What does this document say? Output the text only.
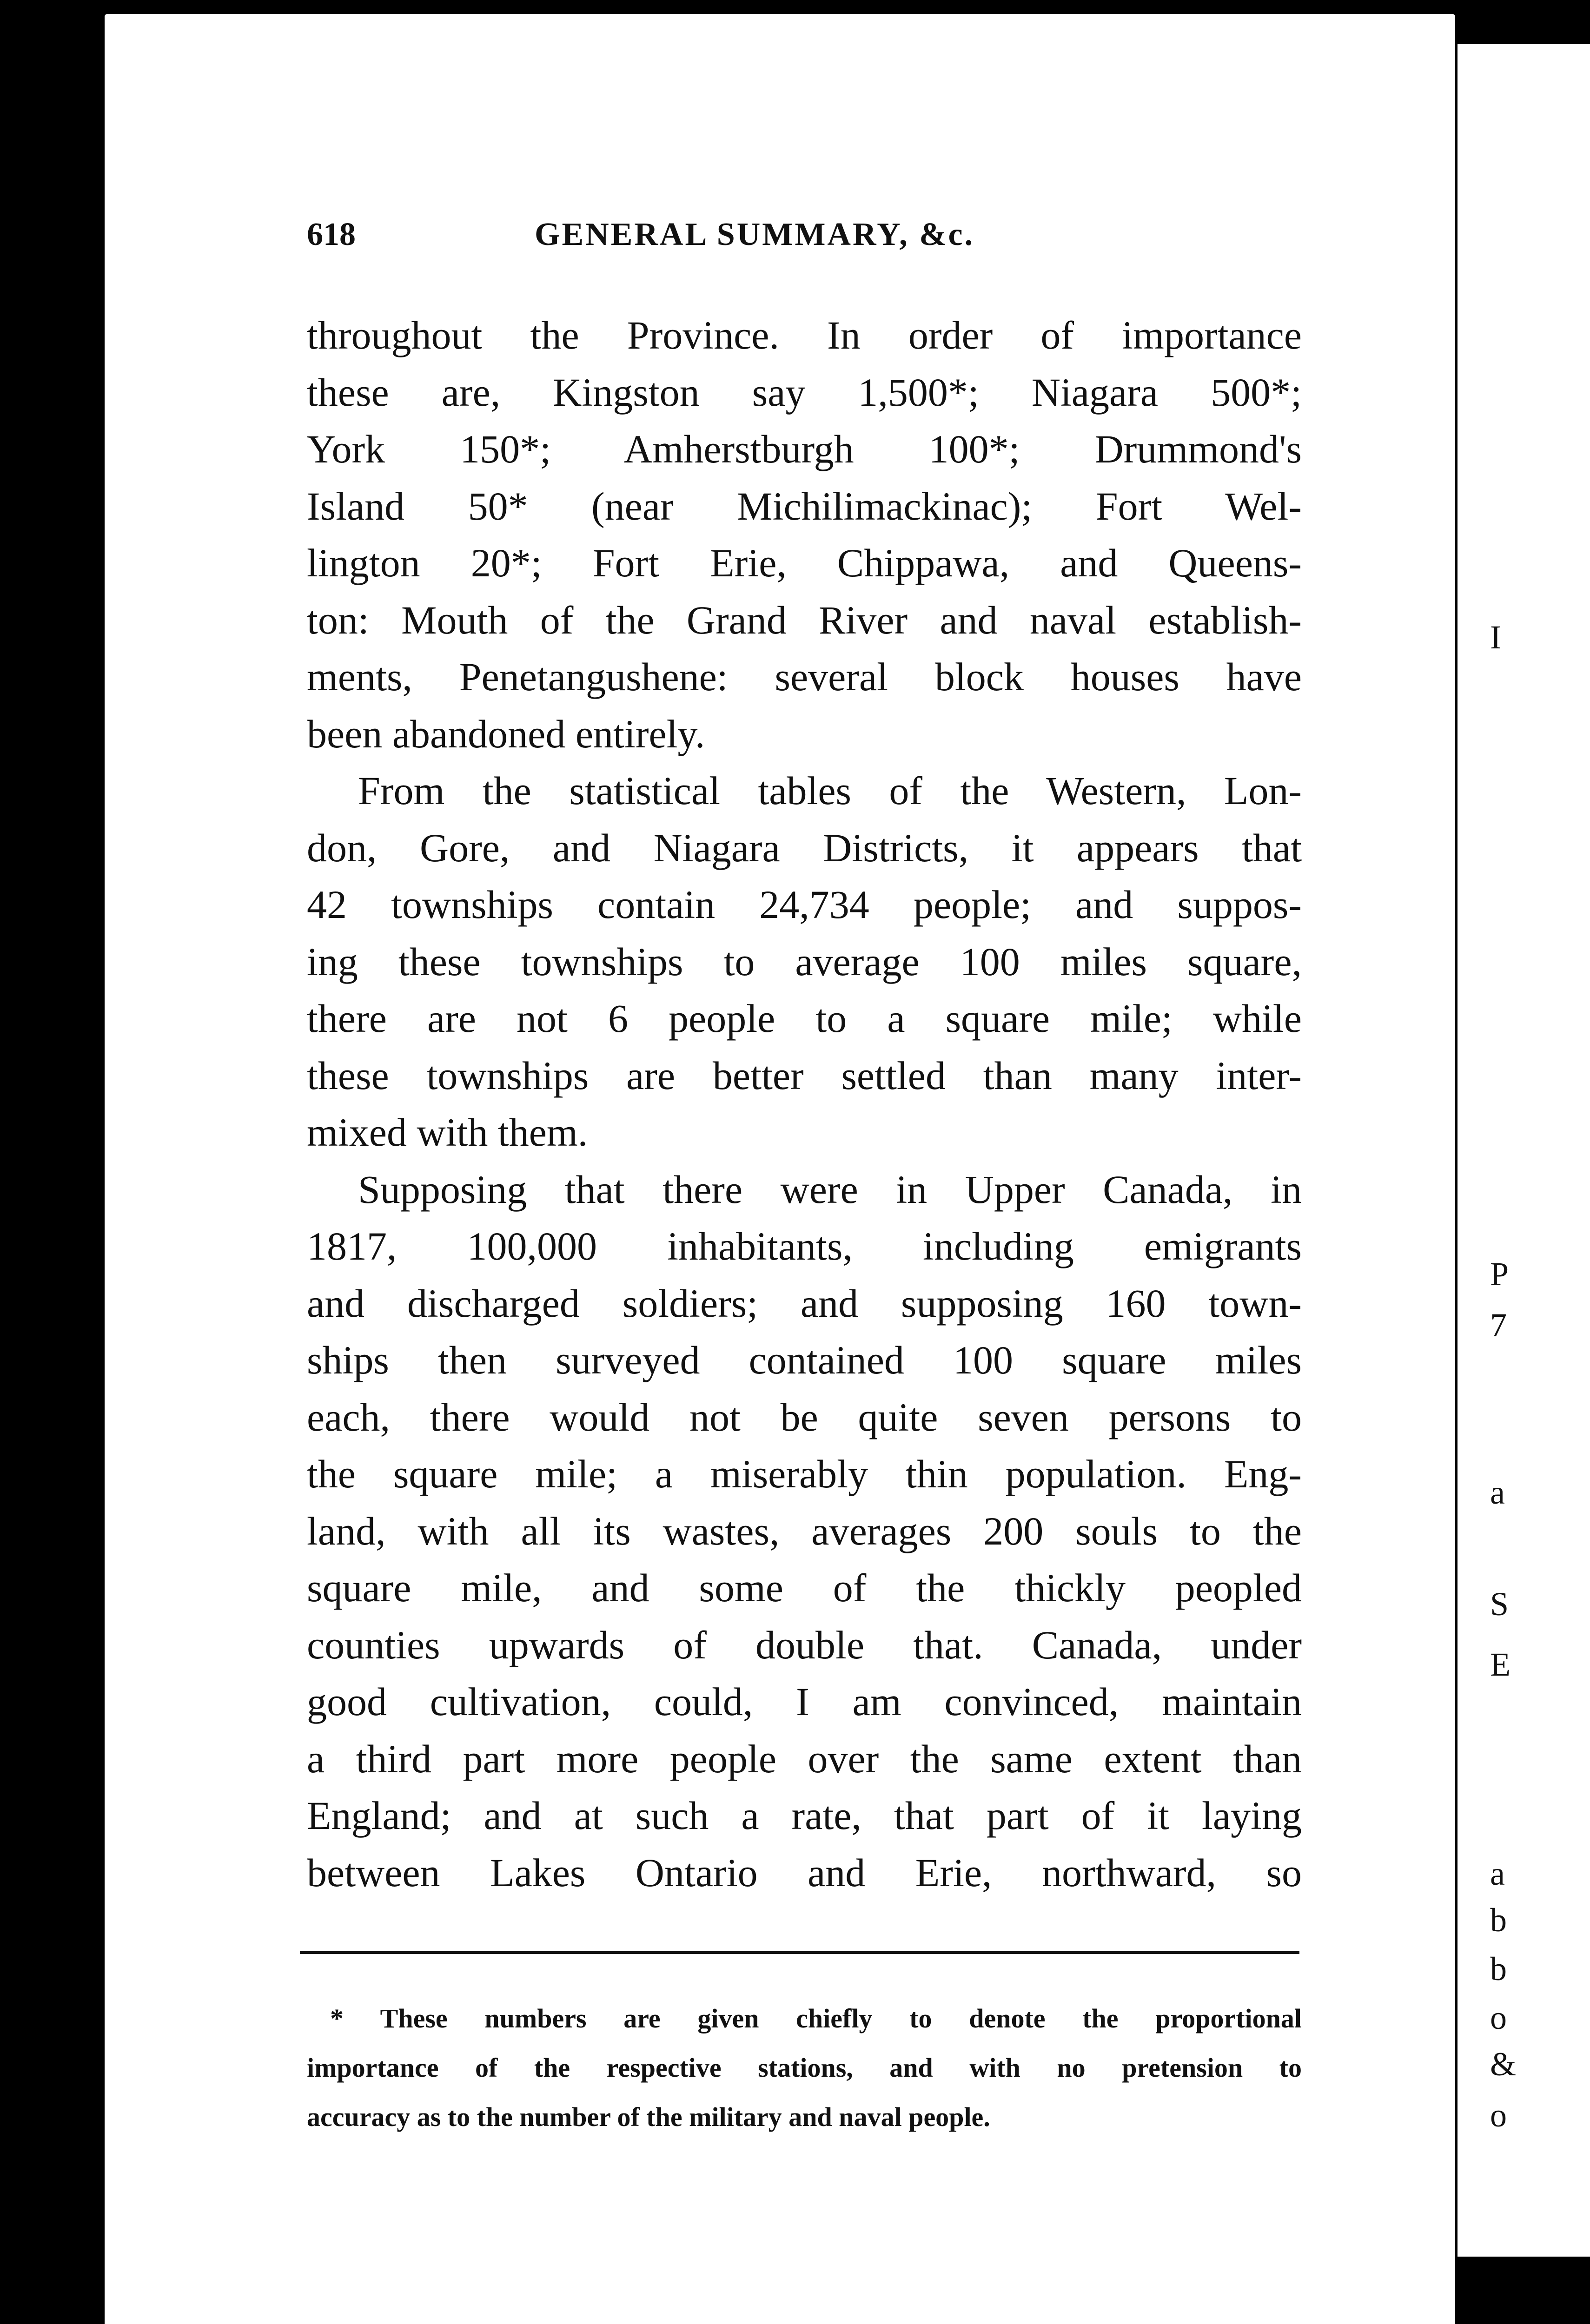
I
P
7
a
S
E
a
b
b
o
&
o
618	GENERAL SUMMARY, &c.
throughout the Province. In order of importance
these are, Kingston say 1,500*; Niagara 500*;
York 150*; Amherstburgh 100*; Drummond's
Island 50* (near Michilimackinac); Fort Wel-
lington 20*; Fort Erie, Chippawa, and Queens-
ton: Mouth of the Grand River and naval establish-
ments, Penetangushene: several block houses have
been abandoned entirely.
From the statistical tables of the Western, Lon-
don, Gore, and Niagara Districts, it appears that
42 townships contain 24,734 people; and suppos-
ing these townships to average 100 miles square,
there are not 6 people to a square mile; while
these townships are better settled than many inter-
mixed with them.
Supposing that there were in Upper Canada, in
1817, 100,000 inhabitants, including emigrants
and discharged soldiers; and supposing 160 town-
ships then surveyed contained 100 square miles
each, there would not be quite seven persons to
the square mile; a miserably thin population. Eng-
land, with all its wastes, averages 200 souls to the
square mile, and some of the thickly peopled
counties upwards of double that. Canada, under
good cultivation, could, I am convinced, maintain
a third part more people over the same extent than
England; and at such a rate, that part of it laying
between Lakes Ontario and Erie, northward, so
* These numbers are given chiefly to denote the proportional
importance of the respective stations, and with no pretension to
accuracy as to the number of the military and naval people.
